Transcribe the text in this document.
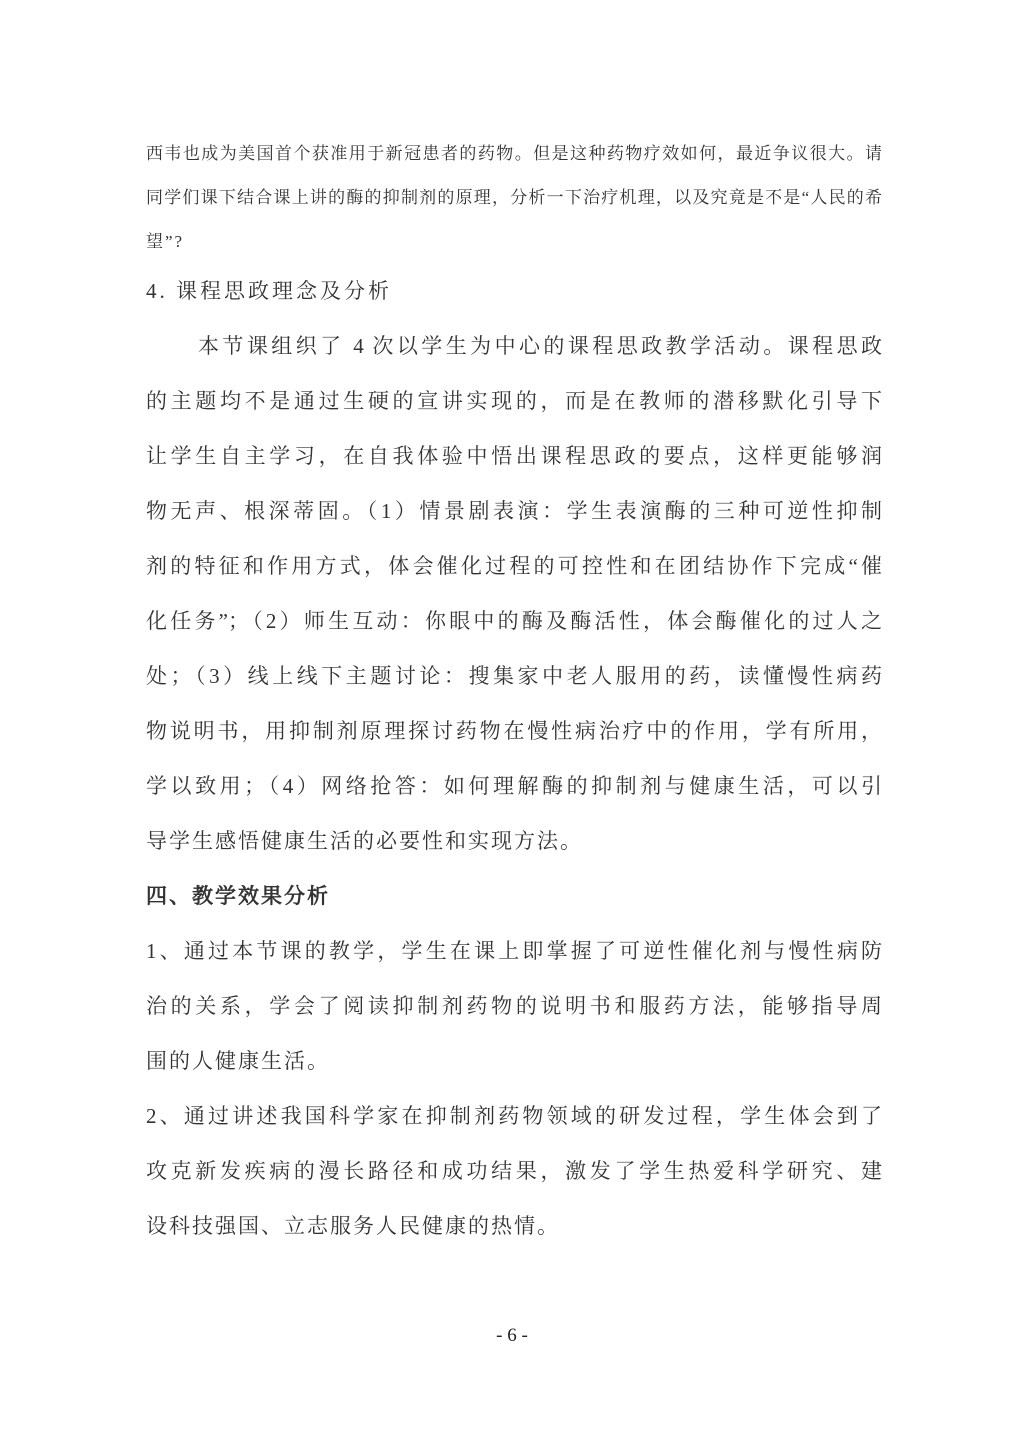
西韦也成为美国首个获准用于新冠患者的药物。但是这种药物疗效如何，最近争议很大。请
同学们课下结合课上讲的酶的抑制剂的原理，分析一下治疗机理，以及究竟是不是“人民的希
望”?
4. 课程思政理念及分析
本节课组织了 4 次以学生为中心的课程思政教学活动。课程思政
的主题均不是通过生硬的宣讲实现的，而是在教师的潜移默化引导下
让学生自主学习，在自我体验中悟出课程思政的要点，这样更能够润
物无声、根深蒂固。（1）情景剧表演：学生表演酶的三种可逆性抑制
剂的特征和作用方式，体会催化过程的可控性和在团结协作下完成“催
化任务”；（2）师生互动：你眼中的酶及酶活性，体会酶催化的过人之
处；（3）线上线下主题讨论：搜集家中老人服用的药，读懂慢性病药
物说明书，用抑制剂原理探讨药物在慢性病治疗中的作用，学有所用，
学以致用；（4）网络抢答：如何理解酶的抑制剂与健康生活，可以引
导学生感悟健康生活的必要性和实现方法。
四、教学效果分析
1、通过本节课的教学，学生在课上即掌握了可逆性催化剂与慢性病防
治的关系，学会了阅读抑制剂药物的说明书和服药方法，能够指导周
围的人健康生活。
2、通过讲述我国科学家在抑制剂药物领域的研发过程，学生体会到了
攻克新发疾病的漫长路径和成功结果，激发了学生热爱科学研究、建
设科技强国、立志服务人民健康的热情。
- 6 -
